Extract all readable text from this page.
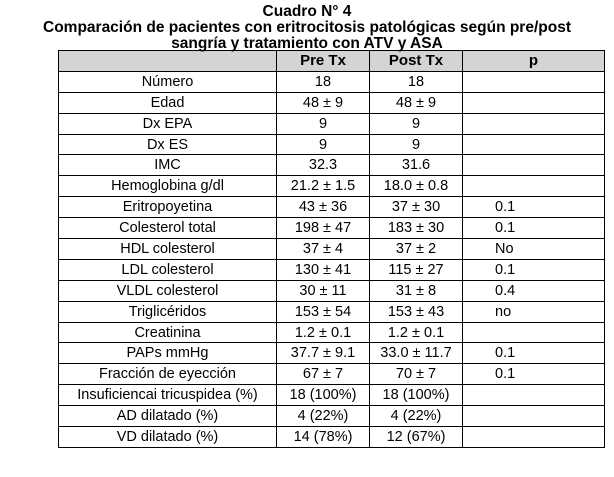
Cuadro N° 4
Comparación de pacientes con eritrocitosis patológicas según pre/post
sangría y tratamiento con ATV y ASA
	Pre Tx	Post Tx	p
Número	18	18	
Edad	48 ± 9	48 ± 9	
Dx EPA	9	9	
Dx ES	9	9	
IMC	32.3	31.6	
Hemoglobina g/dl	21.2 ± 1.5	18.0 ± 0.8	
Eritropoyetina	43 ± 36	37 ± 30	0.1
Colesterol total	198 ± 47	183 ± 30	0.1
HDL colesterol	37 ± 4	37 ± 2	No
LDL colesterol	130 ± 41	115 ± 27	0.1
VLDL colesterol	30 ± 11	31 ± 8	0.4
Triglicéridos	153 ± 54	153 ± 43	no
Creatinina	1.2 ± 0.1	1.2 ± 0.1	
PAPs mmHg	37.7 ± 9.1	33.0 ± 11.7	0.1
Fracción de eyección	67 ± 7	70 ± 7	0.1
Insuficiencai tricuspidea (%)	18 (100%)	18 (100%)	
AD dilatado (%)	4 (22%)	4 (22%)	
VD dilatado (%)	14 (78%)	12 (67%)	
